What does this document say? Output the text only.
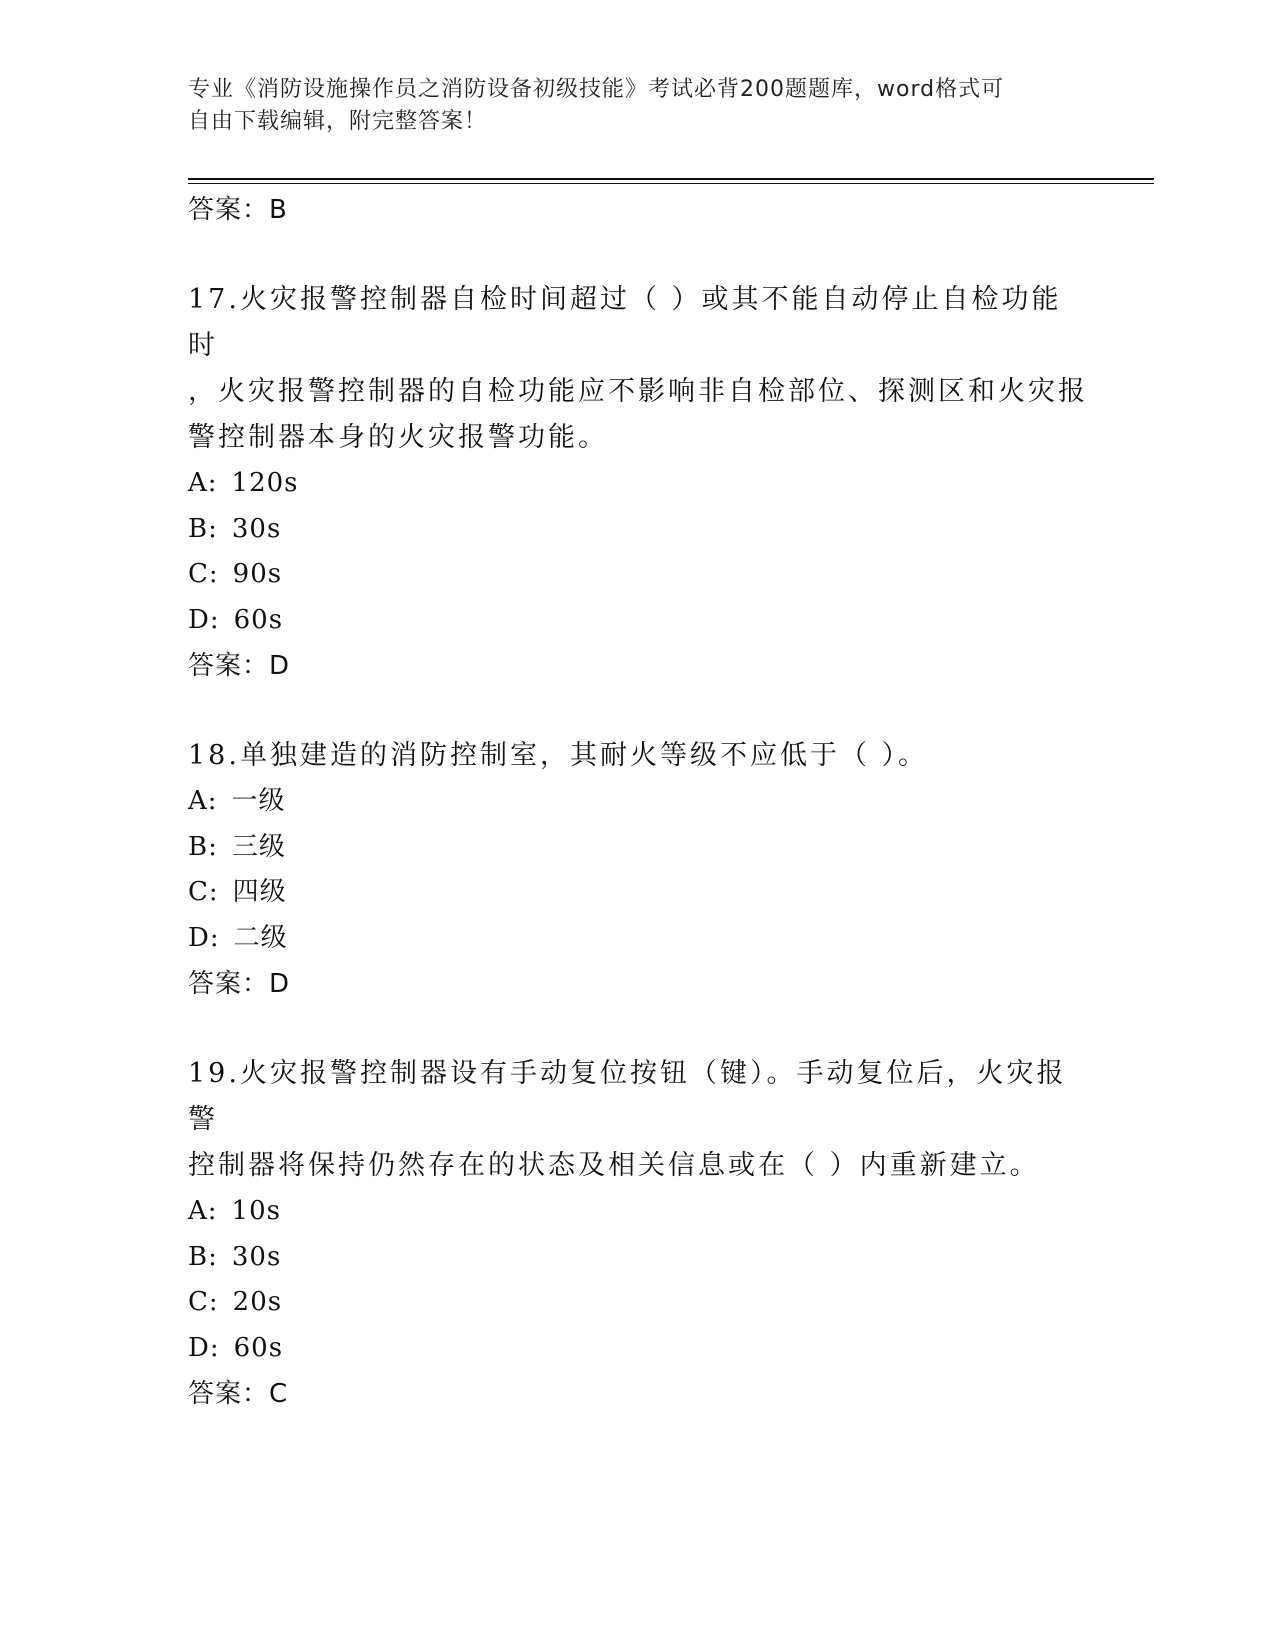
专业《消防设施操作员之消防设备初级技能》考试必背200题题库，word格式可
自由下载编辑，附完整答案！
答案：B
17.火灾报警控制器自检时间超过（ ）或其不能自动停止自检功能时
，火灾报警控制器的自检功能应不影响非自检部位、探测区和火灾报
警控制器本身的火灾报警功能。
A: 120s
B: 30s
C: 90s
D: 60s
答案：D
18.单独建造的消防控制室，其耐火等级不应低于（ ）。
A: 一级
B: 三级
C: 四级
D: 二级
答案：D
19.火灾报警控制器设有手动复位按钮（键）。手动复位后，火灾报警
控制器将保持仍然存在的状态及相关信息或在（ ）内重新建立。
A: 10s
B: 30s
C: 20s
D: 60s
答案：C
